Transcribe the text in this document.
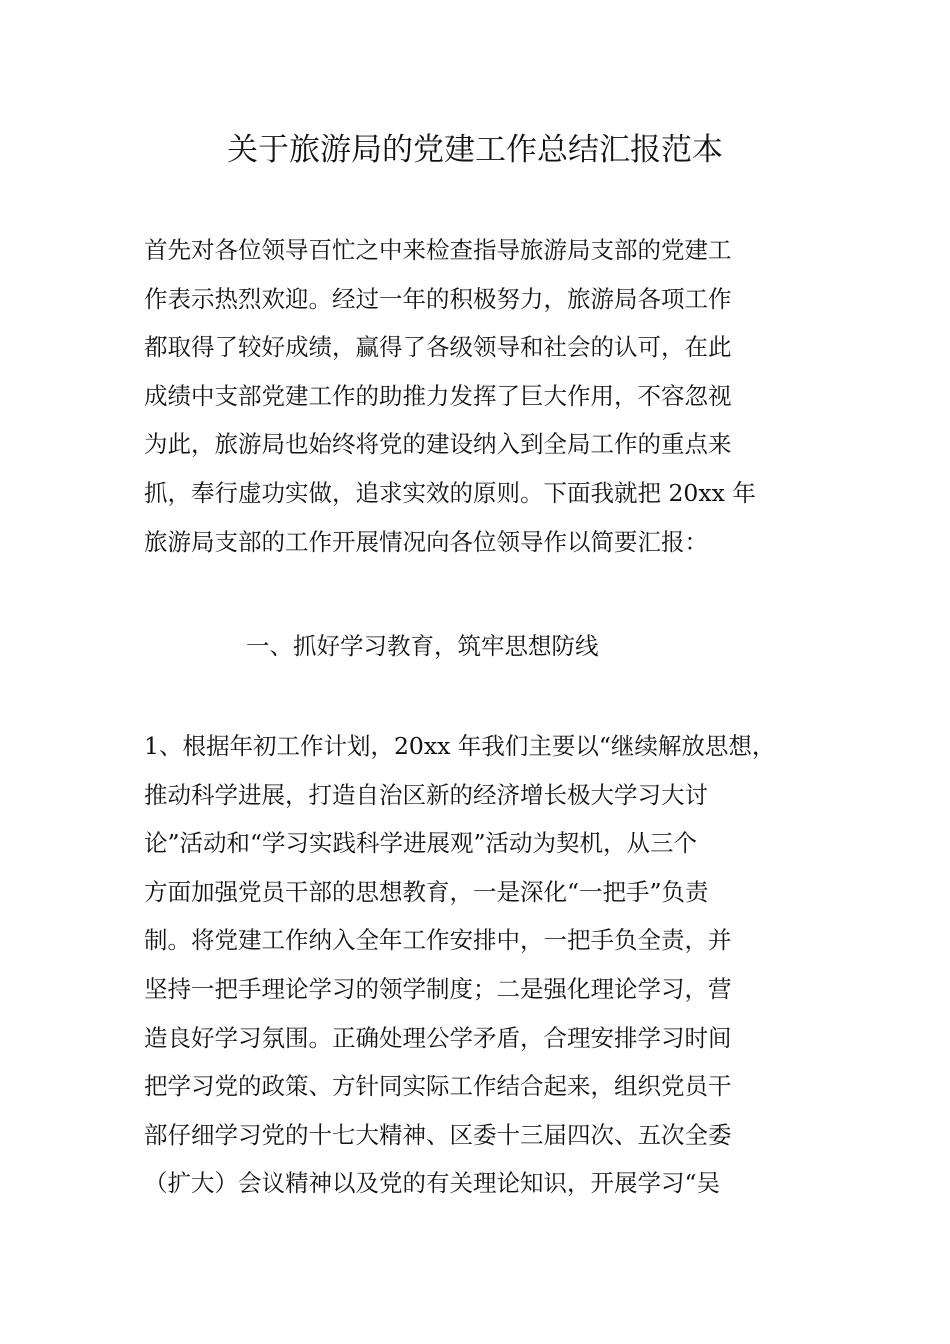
关于旅游局的党建工作总结汇报范本

首先对各位领导百忙之中来检查指导旅游局支部的党建工
作表示热烈欢迎。经过一年的积极努力，旅游局各项工作
都取得了较好成绩，赢得了各级领导和社会的认可，在此
成绩中支部党建工作的助推力发挥了巨大作用，不容忽视
为此，旅游局也始终将党的建设纳入到全局工作的重点来
抓，奉行虚功实做，追求实效的原则。下面我就把 20xx 年
旅游局支部的工作开展情况向各位领导作以简要汇报：

一、抓好学习教育，筑牢思想防线

1、根据年初工作计划，20xx 年我们主要以“继续解放思想，
推动科学进展，打造自治区新的经济增长极大学习大讨
论”活动和“学习实践科学进展观”活动为契机，从三个
方面加强党员干部的思想教育，一是深化“一把手”负责
制。将党建工作纳入全年工作安排中，一把手负全责，并
坚持一把手理论学习的领学制度；二是强化理论学习，营
造良好学习氛围。正确处理公学矛盾，合理安排学习时间
把学习党的政策、方针同实际工作结合起来，组织党员干
部仔细学习党的十七大精神、区委十三届四次、五次全委
（扩大）会议精神以及党的有关理论知识，开展学习“吴
